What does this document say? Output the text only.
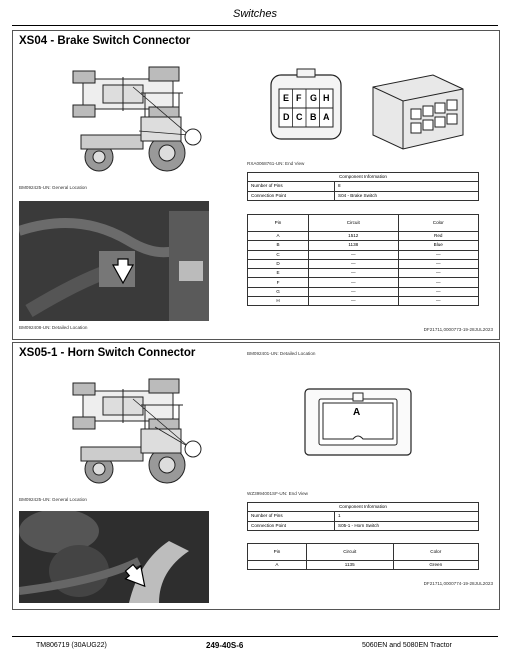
Switches
XS04 - Brake Switch Connector
BM092425-UN: General Location
BM092408-UN: Detailed Location
E F G H
D C B A
RXA0068761-UN: End View
Component Information	
Number of Pins	8
Connection Point	S04 - Brake Switch
Pin	Circuit	Color
A	1512	Red
B	1138	Blue
C	—	—
D	—	—
E	—	—
F	—	—
G	—	—
H	—	—
DF21711,0000773-19-28JUL2023
XS05-1 - Horn Switch Connector
BM092425-UN: General Location
BM092401-UN: Detailed Location
A
WZ3994001SF-UN: End View
Component Information	
Number of Pins	1
Connection Point	S05-1 - Horn Switch
Pin	Circuit	Color
A	1135	Green
DF21711,0000774-19-28JUL2023
TM806719 (30AUG22)	249-40S-6	5060EN and 5080EN Tractor
